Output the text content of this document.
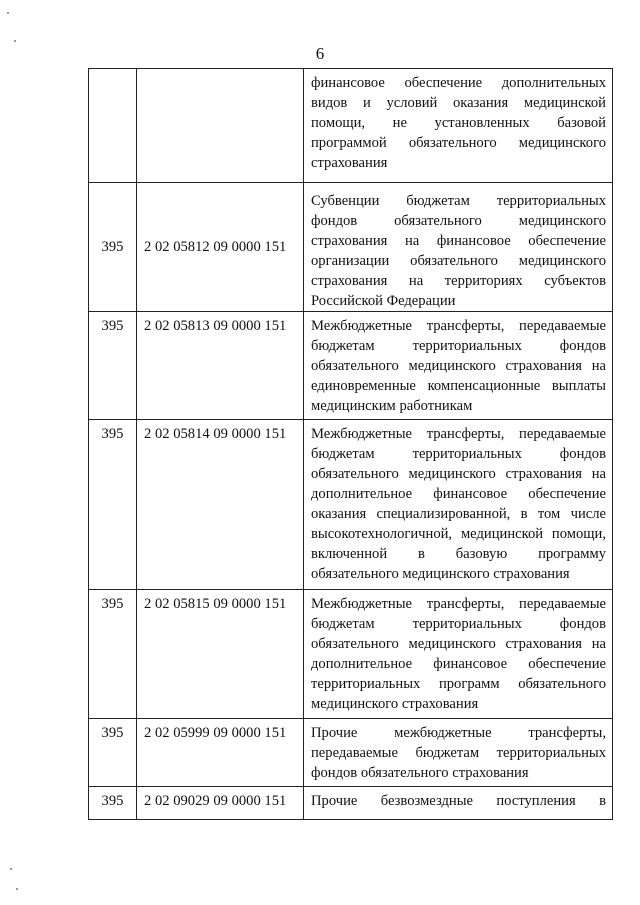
6

		финансовое обеспечение дополнительных видов и условий оказания медицинской помощи, не установленных базовой программой обязательного медицинского страхования

395	2 02 05812 09 0000 151	Субвенции бюджетам территориальных фондов обязательного медицинского страхования на финансовое обеспечение организации обязательного медицинского страхования на территориях субъектов Российской Федерации

395	2 02 05813 09 0000 151	Межбюджетные трансферты, передаваемые бюджетам территориальных фондов обязательного медицинского страхования на единовременные компенсационные выплаты медицинским работникам

395	2 02 05814 09 0000 151	Межбюджетные трансферты, передаваемые бюджетам территориальных фондов обязательного медицинского страхования на дополнительное финансовое обеспечение оказания специализированной, в том числе высокотехнологичной, медицинской помощи, включенной в базовую программу обязательного медицинского страхования

395	2 02 05815 09 0000 151	Межбюджетные трансферты, передаваемые бюджетам территориальных фондов обязательного медицинского страхования на дополнительное финансовое обеспечение территориальных программ обязательного медицинского страхования

395	2 02 05999 09 0000 151	Прочие межбюджетные трансферты, передаваемые бюджетам территориальных фондов обязательного страхования

395	2 02 09029 09 0000 151	Прочие безвозмездные поступления в
